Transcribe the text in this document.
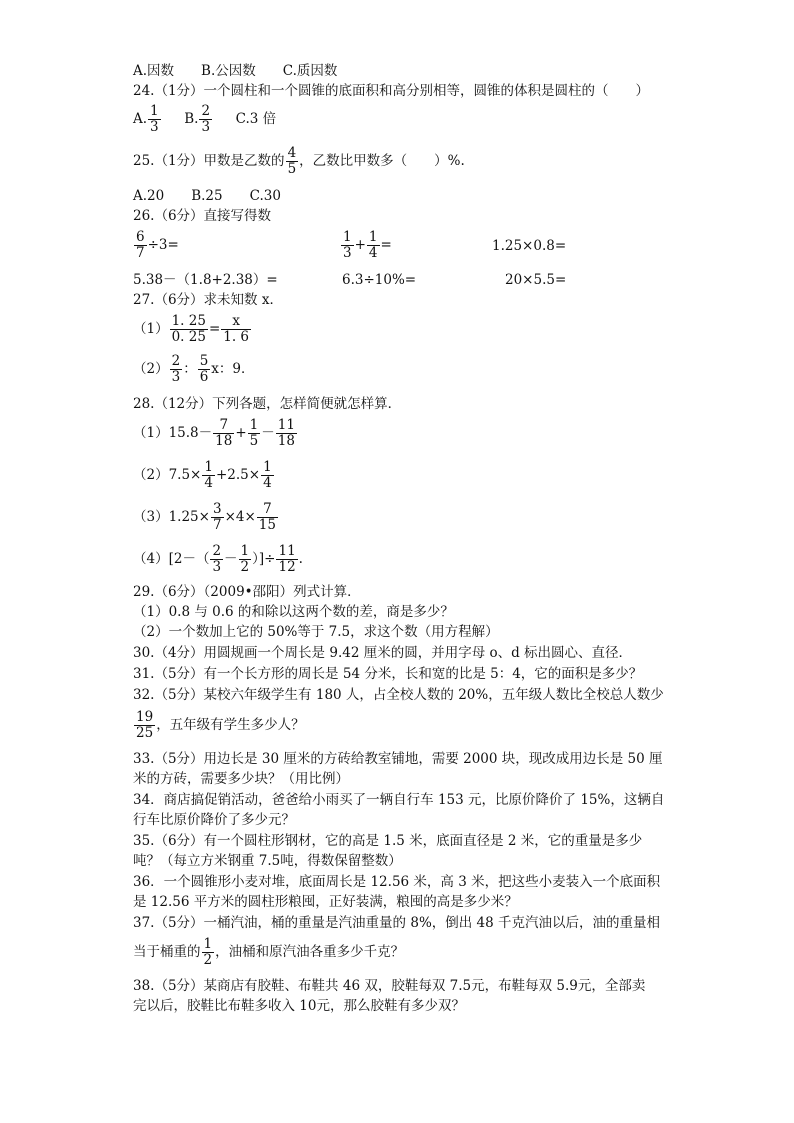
A.因数　　B.公因数　　C.质因数
24.（1分）一个圆柱和一个圆锥的底面积和高分别相等，圆锥的体积是圆柱的（　　）
A. $\frac{1}{3} B$. $\frac{2}{3} C.3$ 倍
25.（1分）甲数是乙数的 $\frac{4}{5}$ ，乙数比甲数多（　　）%.
A.20　　B.25　　C.30
26.（6分）直接写得数
$\frac{6}{7} \div 3=$	$\frac{1}{3} + \frac{1}{4}$ =	1.25×0.8=
5.38－（1.8+2.38）=	6.3÷10%=	20×5.5=
27.（6分）求未知数 x．
$(1) \frac{1. 25}{0. 25} = \frac{x}{1. 6}$
$(2) \frac{2}{3}$ ： $\frac{5}{6}$ x：9．
28.（12分）下列各题，怎样简便就怎样算．
$(1)15.8- \frac{7}{18} + \frac{1}{5} - \frac{11}{18}$
$(2)7.5\times \frac{1}{4} +2.5\times \frac{1}{4}$
$(3)1.25\times \frac{3}{7} \times 4\times \frac{7}{15}$
$(4)[2-( \frac{2}{3} - \frac{1}{2}$ ）]÷ $\frac{11}{12}$ .
29.（6分）（2009•邵阳）列式计算．
（1）0.8 与 0.6 的和除以这两个数的差，商是多少？
（2）一个数加上它的 50%等于 7.5，求这个数（用方程解）
30.（4分）用圆规画一个周长是 9.42 厘米的圆，并用字母 o、d 标出圆心、直径．
31.（5分）有一个长方形的周长是 54 分米，长和宽的比是 5：4，它的面积是多少？
32.（5分）某校六年级学生有 180 人，占全校人数的 20%，五年级人数比全校总人数少
$\frac{19}{25}$ ，五年级有学生多少人？
33.（5分）用边长是 30 厘米的方砖给教室铺地，需要 2000 块，现改成用边长是 50 厘
米的方砖，需要多少块？（用比例）
34．商店搞促销活动，爸爸给小雨买了一辆自行车 153 元，比原价降价了 15%，这辆自
行车比原价降价了多少元？
35.（6分）有一个圆柱形钢材，它的高是 1.5 米，底面直径是 2 米，它的重量是多少
吨？（每立方米钢重 7.5吨，得数保留整数）
36．一个圆锥形小麦对堆，底面周长是 12.56 米，高 3 米，把这些小麦装入一个底面积
是 12.56 平方米的圆柱形粮囤，正好装满，粮囤的高是多少米？
37.（5分）一桶汽油，桶的重量是汽油重量的 8%，倒出 48 千克汽油以后，油的重量相
当于桶重的 $\frac{1}{2}$ ，油桶和原汽油各重多少千克？
38.（5分）某商店有胶鞋、布鞋共 46 双，胶鞋每双 7.5元，布鞋每双 5.9元，全部卖
完以后，胶鞋比布鞋多收入 10元，那么胶鞋有多少双？
